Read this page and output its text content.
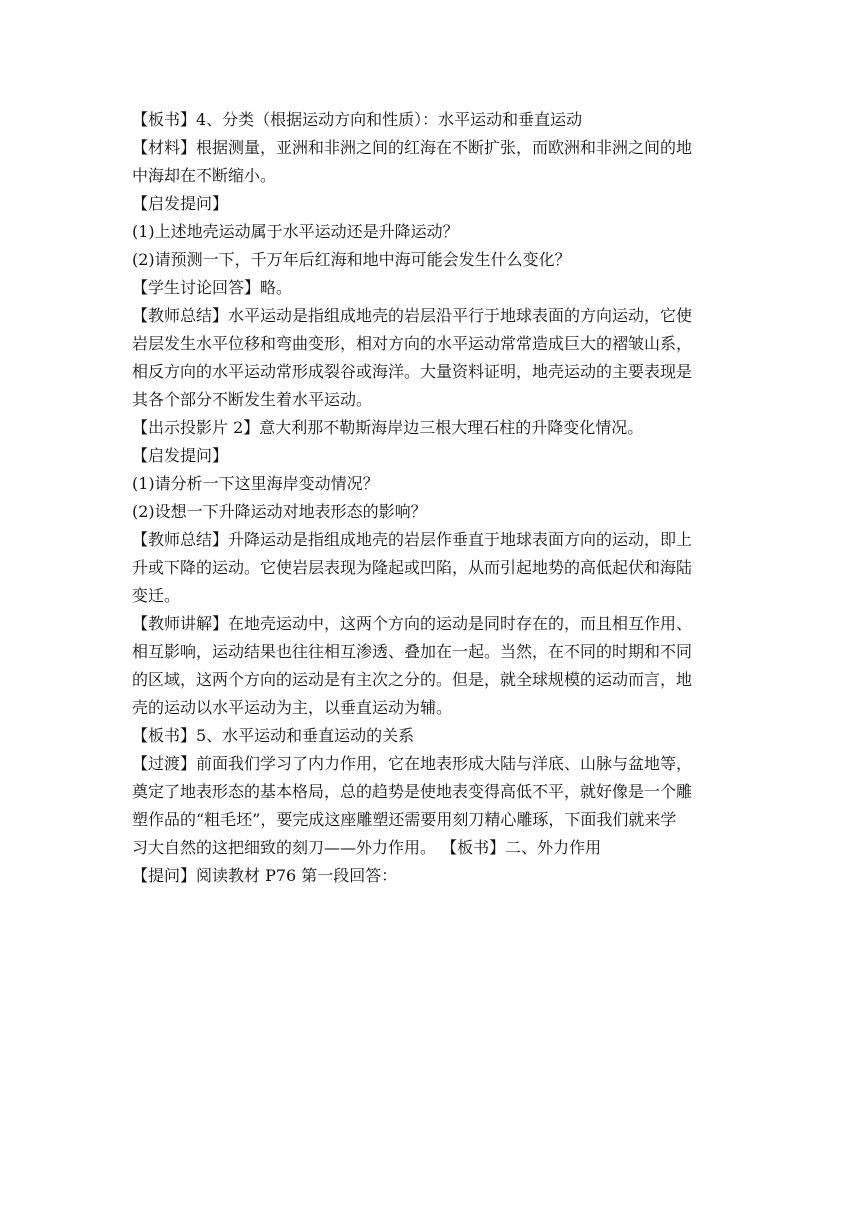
【板书】4、分类（根据运动方向和性质）：水平运动和垂直运动
【材料】根据测量，亚洲和非洲之间的红海在不断扩张，而欧洲和非洲之间的地
中海却在不断缩小。
【启发提问】
(1)上述地壳运动属于水平运动还是升降运动？
(2)请预测一下，千万年后红海和地中海可能会发生什么变化？
【学生讨论回答】略。
【教师总结】水平运动是指组成地壳的岩层沿平行于地球表面的方向运动，它使
岩层发生水平位移和弯曲变形，相对方向的水平运动常常造成巨大的褶皱山系，
相反方向的水平运动常形成裂谷或海洋。大量资料证明，地壳运动的主要表现是
其各个部分不断发生着水平运动。
【出示投影片 2】意大利那不勒斯海岸边三根大理石柱的升降变化情况。
【启发提问】
(1)请分析一下这里海岸变动情况？
(2)设想一下升降运动对地表形态的影响？
【教师总结】升降运动是指组成地壳的岩层作垂直于地球表面方向的运动，即上
升或下降的运动。它使岩层表现为隆起或凹陷，从而引起地势的高低起伏和海陆
变迁。
【教师讲解】在地壳运动中，这两个方向的运动是同时存在的，而且相互作用、
相互影响，运动结果也往往相互渗透、叠加在一起。当然，在不同的时期和不同
的区域，这两个方向的运动是有主次之分的。但是，就全球规模的运动而言，地
壳的运动以水平运动为主，以垂直运动为辅。
【板书】5、水平运动和垂直运动的关系
【过渡】前面我们学习了内力作用，它在地表形成大陆与洋底、山脉与盆地等，
奠定了地表形态的基本格局，总的趋势是使地表变得高低不平，就好像是一个雕
塑作品的“粗毛坯”，要完成这座雕塑还需要用刻刀精心雕琢，下面我们就来学
习大自然的这把细致的刻刀——外力作用。 【板书】二、外力作用
【提问】阅读教材 P76 第一段回答：
